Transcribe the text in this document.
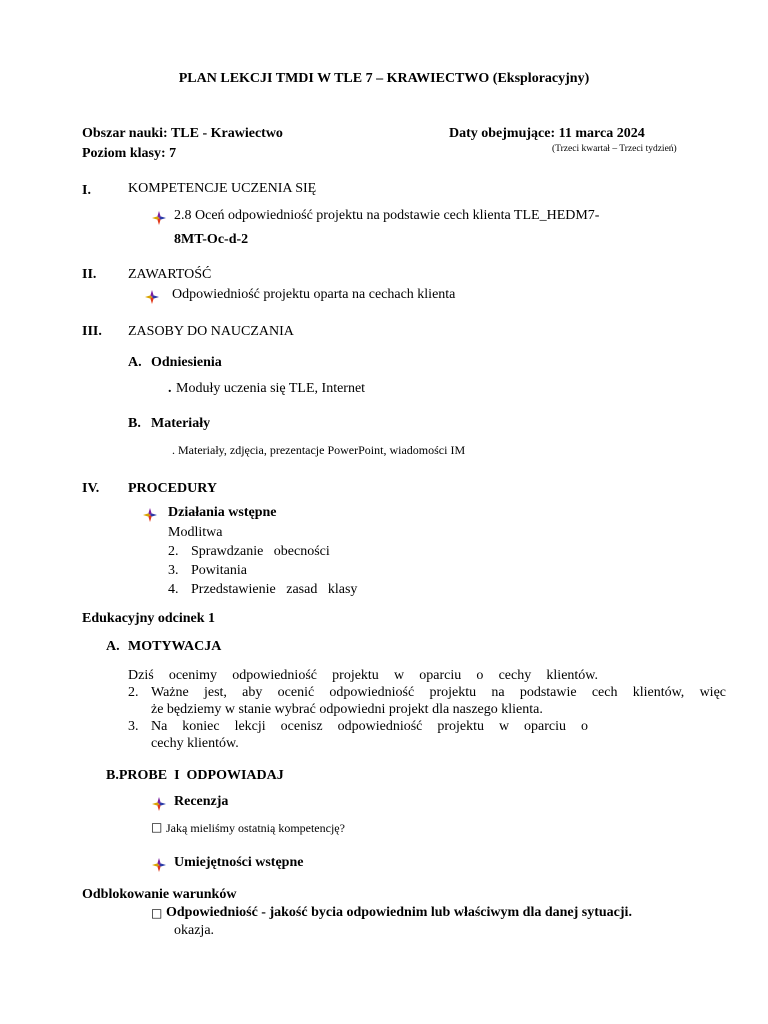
PLAN LEKCJI TMDI W TLE 7 – KRAWIECTWO (Eksploracyjny)
Obszar nauki: TLE - Krawiectwo
Poziom klasy: 7
Daty obejmujące: 11 marca 2024
(Trzeci kwartał – Trzeci tydzień)
I.	KOMPETENCJE UCZENIA SIĘ
2.8 Oceń odpowiedniość projektu na podstawie cech klienta TLE_HEDM7-
8MT-Oc-d-2
II. ZAWARTOŚĆ
Odpowiedniość projektu oparta na cechach klienta
III. ZASOBY DO NAUCZANIA
A. Odniesienia
. Moduły uczenia się TLE, Internet
B. Materiały
. Materiały, zdjęcia, prezentacje PowerPoint, wiadomości IM
IV. PROCEDURY
Działania wstępne
Modlitwa
2. Sprawdzanie   obecności
3. Powitania
4. Przedstawienie   zasad   klasy
Edukacyjny odcinek 1
A. MOTYWACJA
Dziś ocenimy odpowiedniość projektu w oparciu o cechy klientów.
2. Ważne jest, aby ocenić odpowiedniość projektu na podstawie cech klientów, więc
że będziemy w stanie wybrać odpowiedni projekt dla naszego klienta.
3. Na koniec lekcji ocenisz odpowiedniość projektu w oparciu o
cechy klientów.
B.PROBE  I  ODPOWIADAJ
Recenzja
□ Jaką mieliśmy ostatnią kompetencję?
Umiejętności wstępne
Odblokowanie warunków
□ Odpowiedniość - jakość bycia odpowiednim lub właściwym dla danej sytuacji.
okazja.
